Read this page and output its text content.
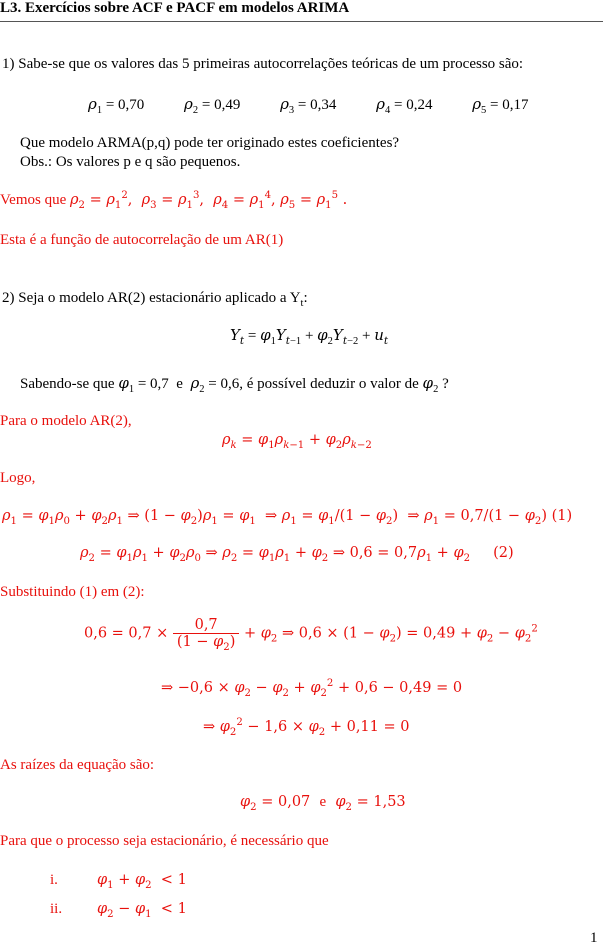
L3. Exercícios sobre ACF e PACF em modelos ARIMA
1) Sabe-se que os valores das 5 primeiras autocorrelações teóricas de um processo são:
$\rho_1 = 0,70$	$\rho_2 = 0,49$	$\rho_3 = 0,34$	$\rho_4 = 0,24$	$\rho_5 = 0,17$
Que modelo ARMA(p,q) pode ter originado estes coeficientes?
Obs.: Os valores p e q são pequenos.
Vemos que $\rho_2 = \rho_1^2$,  $\rho_3 = \rho_1^3$,  $\rho_4 = \rho_1^4$, $\rho_5 = \rho_1^5$ .
Esta é a função de autocorrelação de um AR(1)
2) Seja o modelo AR(2) estacionário aplicado a $Y_t$:
$Y_t = \varphi_1Y_{t-1} + \varphi_2Y_{t-2} + u_t$
Sabendo-se que $\varphi_1 = 0,7$ e $\rho_2 = 0,6$, é possível deduzir o valor de $\varphi_2$ ?
Para o modelo AR(2),
$\rho_k = \varphi_1\rho_{k-1} + \varphi_2\rho_{k-2}$
Logo,
$\rho_1 = \varphi_1\rho_0 + \varphi_2\rho_1$ ⇒ $(1 - \varphi_2)\rho_1 = \varphi_1$  ⇒ $\rho_1 = \varphi_1/(1 - \varphi_2)$  ⇒ $\rho_1 = 0,7/(1 - \varphi_2)$ (1)
$\rho_2 = \varphi_1\rho_1 + \varphi_2\rho_0$ ⇒ $\rho_2 = \varphi_1\rho_1 + \varphi_2$ ⇒ $0,6 = 0,7\rho_1 + \varphi_2$ (2)
Substituindo (1) em (2):
$0,6 = 0,7 \times \frac{0,7}{(1 - \varphi_2)} + \varphi_2$ ⇒ $0,6 \times (1 - \varphi_2) = 0,49 + \varphi_2 - \varphi_2^2$
⇒ $-0,6 \times \varphi_2 - \varphi_2 + \varphi_2^2 + 0,6 - 0,49 = 0$
⇒ $\varphi_2^2 - 1,6 \times \varphi_2 + 0,11 = 0$
As raízes da equação são:
$\varphi_2 = 0,07$ e $\varphi_2 = 1,53$
Para que o processo seja estacionário, é necessário que
i.	$\varphi_1 + \varphi_2 < 1$
ii. $\varphi_2 - \varphi_1 < 1$
1
